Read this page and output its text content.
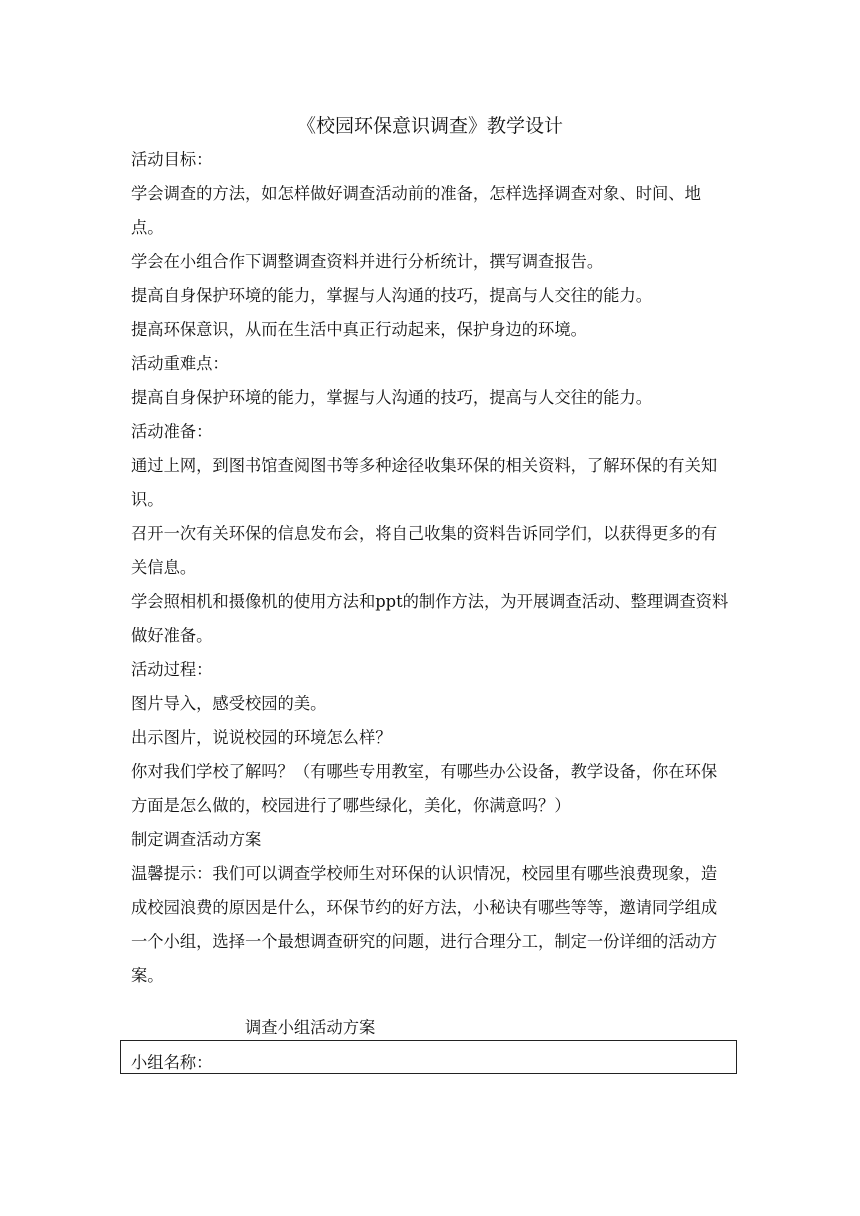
《校园环保意识调查》教学设计

活动目标：

学会调查的方法，如怎样做好调查活动前的准备，怎样选择调查对象、时间、地点。

学会在小组合作下调整调查资料并进行分析统计，撰写调查报告。

提高自身保护环境的能力，掌握与人沟通的技巧，提高与人交往的能力。

提高环保意识，从而在生活中真正行动起来，保护身边的环境。

活动重难点：

提高自身保护环境的能力，掌握与人沟通的技巧，提高与人交往的能力。

活动准备：

通过上网，到图书馆查阅图书等多种途径收集环保的相关资料，了解环保的有关知识。

召开一次有关环保的信息发布会，将自己收集的资料告诉同学们，以获得更多的有关信息。

学会照相机和摄像机的使用方法和ppt的制作方法，为开展调查活动、整理调查资料做好准备。

活动过程：

图片导入，感受校园的美。

出示图片，说说校园的环境怎么样？

你对我们学校了解吗？（有哪些专用教室，有哪些办公设备，教学设备，你在环保方面是怎么做的，校园进行了哪些绿化，美化，你满意吗？）

制定调查活动方案

温馨提示：我们可以调查学校师生对环保的认识情况，校园里有哪些浪费现象，造成校园浪费的原因是什么，环保节约的好方法，小秘诀有哪些等等，邀请同学组成一个小组，选择一个最想调查研究的问题，进行合理分工，制定一份详细的活动方案。

调查小组活动方案
小组名称：
